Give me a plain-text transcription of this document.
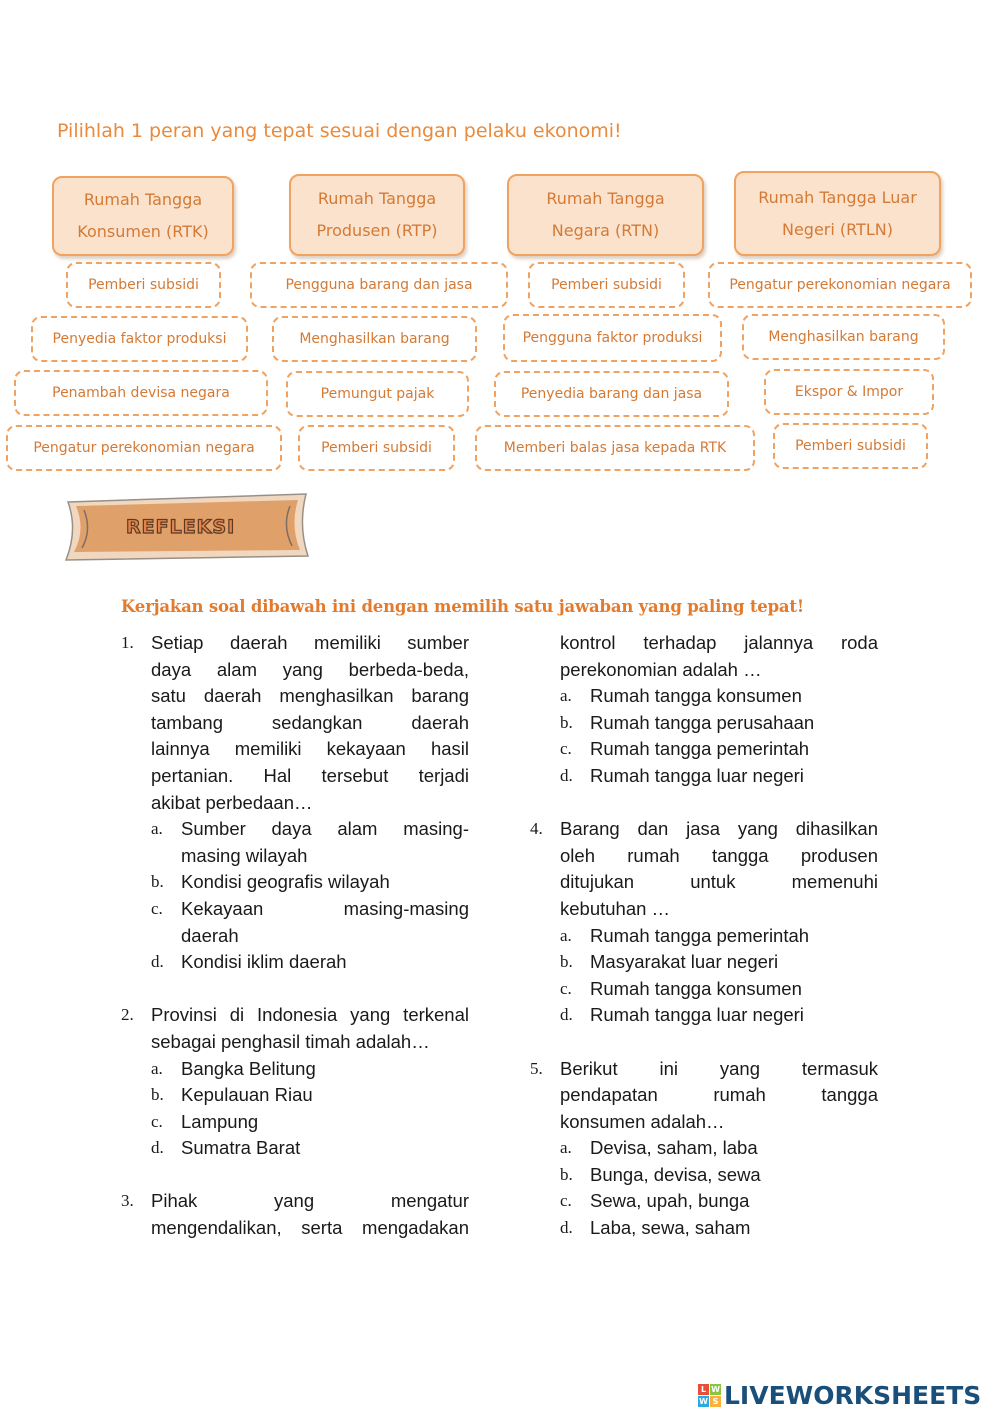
Pilihlah 1 peran yang tepat sesuai dengan pelaku ekonomi!
Rumah Tangga
Konsumen (RTK)
Rumah Tangga
Produsen (RTP)
Rumah Tangga
Negara (RTN)
Rumah Tangga Luar
Negeri (RTLN)
Pemberi subsidi	Pengguna barang dan jasa	Pemberi subsidi	Pengatur perekonomian negara
Penyedia faktor produksi	Menghasilkan barang	Pengguna faktor produksi	Menghasilkan barang
Penambah devisa negara	Pemungut pajak	Penyedia barang dan jasa	Ekspor & Impor
Pengatur perekonomian negara	Pemberi subsidi	Memberi balas jasa kepada RTK	Pemberi subsidi
REFLEKSI
Kerjakan soal dibawah ini dengan memilih satu jawaban yang paling tepat!
1. Setiap daerah memiliki sumber
daya alam yang berbeda-beda,
satu daerah menghasilkan barang
tambang sedangkan daerah
lainnya memiliki kekayaan hasil
pertanian. Hal tersebut terjadi
akibat perbedaan…
a. Sumber daya alam masing-
masing wilayah
b. Kondisi geografis wilayah
c. Kekayaan masing-masing
daerah
d. Kondisi iklim daerah
2. Provinsi di Indonesia yang terkenal
sebagai penghasil timah adalah…
a. Bangka Belitung
b. Kepulauan Riau
c. Lampung
d. Sumatra Barat
3. Pihak yang mengatur
mengendalikan, serta mengadakan
kontrol terhadap jalannya roda
perekonomian adalah …
a. Rumah tangga konsumen
b. Rumah tangga perusahaan
c. Rumah tangga pemerintah
d. Rumah tangga luar negeri
4. Barang dan jasa yang dihasilkan
oleh rumah tangga produsen
ditujukan untuk memenuhi
kebutuhan …
a. Rumah tangga pemerintah
b. Masyarakat luar negeri
c. Rumah tangga konsumen
d. Rumah tangga luar negeri
5. Berikut ini yang termasuk
pendapatan rumah tangga
konsumen adalah…
a. Devisa, saham, laba
b. Bunga, devisa, sewa
c. Sewa, upah, bunga
d. Laba, sewa, saham
L W
W S LIVEWORKSHEETS
